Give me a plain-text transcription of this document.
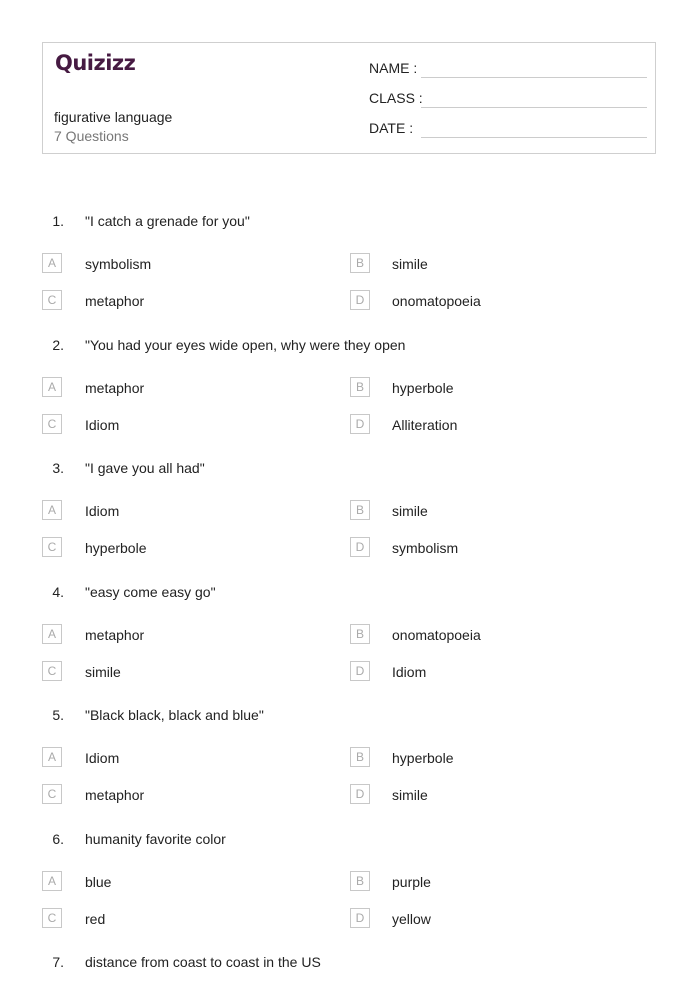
Quizizz
figurative language
7 Questions
NAME :
CLASS :
DATE :
1. "I catch a grenade for you"
A	symbolism	B	simile
C	metaphor	D	onomatopoeia
2. "You had your eyes wide open, why were they open
A	metaphor	B	hyperbole
C	Idiom	D	Alliteration
3. "I gave you all had"
A	Idiom	B	simile
C	hyperbole	D	symbolism
4. "easy come easy go"
A	metaphor	B	onomatopoeia
C	simile	D	Idiom
5. "Black black, black and blue"
A	Idiom	B	hyperbole
C	metaphor	D	simile
6. humanity favorite color
A	blue	B	purple
C	red	D	yellow
7. distance from coast to coast in the US
